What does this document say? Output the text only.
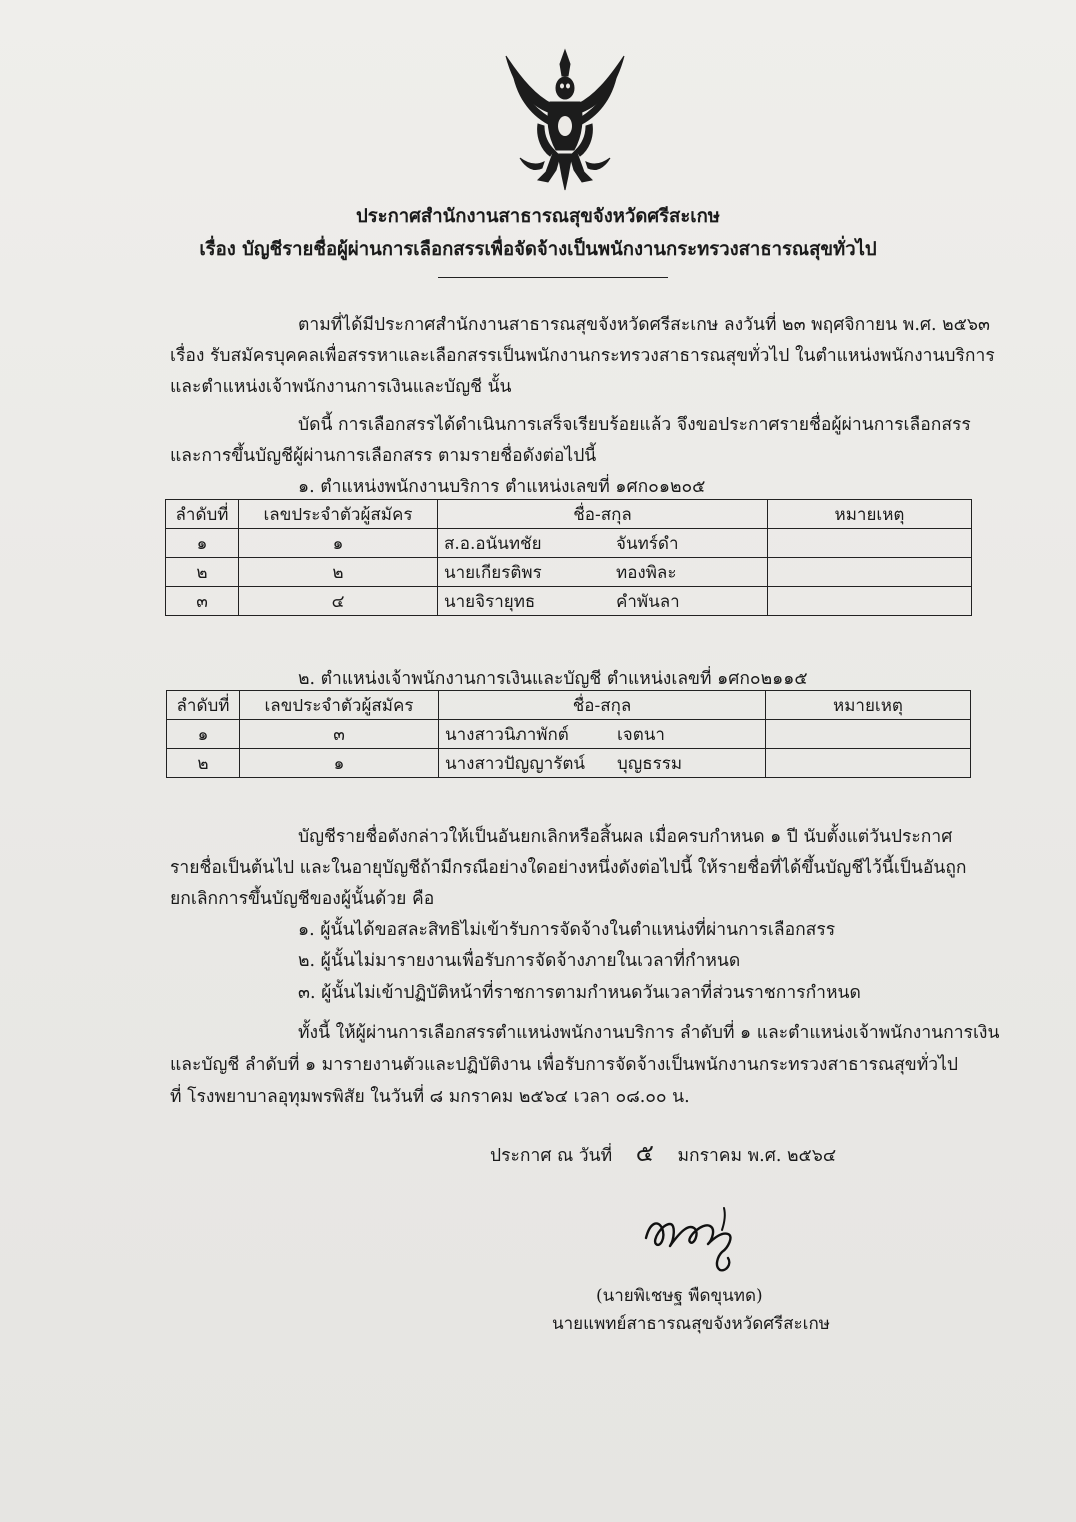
ประกาศสำนักงานสาธารณสุขจังหวัดศรีสะเกษ
เรื่อง บัญชีรายชื่อผู้ผ่านการเลือกสรรเพื่อจัดจ้างเป็นพนักงานกระทรวงสาธารณสุขทั่วไป
ตามที่ได้มีประกาศสำนักงานสาธารณสุขจังหวัดศรีสะเกษ ลงวันที่ ๒๓ พฤศจิกายน พ.ศ. ๒๕๖๓
เรื่อง รับสมัครบุคคลเพื่อสรรหาและเลือกสรรเป็นพนักงานกระทรวงสาธารณสุขทั่วไป ในตำแหน่งพนักงานบริการ
และตำแหน่งเจ้าพนักงานการเงินและบัญชี นั้น
บัดนี้ การเลือกสรรได้ดำเนินการเสร็จเรียบร้อยแล้ว จึงขอประกาศรายชื่อผู้ผ่านการเลือกสรร
และการขึ้นบัญชีผู้ผ่านการเลือกสรร ตามรายชื่อดังต่อไปนี้
๑. ตำแหน่งพนักงานบริการ ตำแหน่งเลขที่ ๑ศก๐๑๒๐๕
ลำดับที่	เลขประจำตัวผู้สมัคร	ชื่อ-สกุล	หมายเหตุ
๑	๑	ส.อ.อนันทชัย จันทร์ดำ	
๒	๒	นายเกียรติพร ทองพิละ	
๓	๔	นายจิรายุทธ คำพันลา	
๒. ตำแหน่งเจ้าพนักงานการเงินและบัญชี ตำแหน่งเลขที่ ๑ศก๐๒๑๑๕
ลำดับที่	เลขประจำตัวผู้สมัคร	ชื่อ-สกุล	หมายเหตุ
๑	๓	นางสาวนิภาพักต์ เจตนา	
๒	๑	นางสาวปัญญารัตน์ บุญธรรม	
บัญชีรายชื่อดังกล่าวให้เป็นอันยกเลิกหรือสิ้นผล เมื่อครบกำหนด ๑ ปี นับตั้งแต่วันประกาศ
รายชื่อเป็นต้นไป และในอายุบัญชีถ้ามีกรณีอย่างใดอย่างหนึ่งดังต่อไปนี้ ให้รายชื่อที่ได้ขึ้นบัญชีไว้นี้เป็นอันถูก
ยกเลิกการขึ้นบัญชีของผู้นั้นด้วย คือ
๑. ผู้นั้นได้ขอสละสิทธิไม่เข้ารับการจัดจ้างในตำแหน่งที่ผ่านการเลือกสรร
๒. ผู้นั้นไม่มารายงานเพื่อรับการจัดจ้างภายในเวลาที่กำหนด
๓. ผู้นั้นไม่เข้าปฏิบัติหน้าที่ราชการตามกำหนดวันเวลาที่ส่วนราชการกำหนด
ทั้งนี้ ให้ผู้ผ่านการเลือกสรรตำแหน่งพนักงานบริการ ลำดับที่ ๑ และตำแหน่งเจ้าพนักงานการเงิน
และบัญชี ลำดับที่ ๑ มารายงานตัวและปฏิบัติงาน เพื่อรับการจัดจ้างเป็นพนักงานกระทรวงสาธารณสุขทั่วไป
ที่ โรงพยาบาลอุทุมพรพิสัย ในวันที่ ๘ มกราคม ๒๕๖๔ เวลา ๐๘.๐๐ น.
ประกาศ ณ วันที่ ๕ มกราคม พ.ศ. ๒๕๖๔
(นายพิเชษฐ พืดขุนทด)
นายแพทย์สาธารณสุขจังหวัดศรีสะเกษ
